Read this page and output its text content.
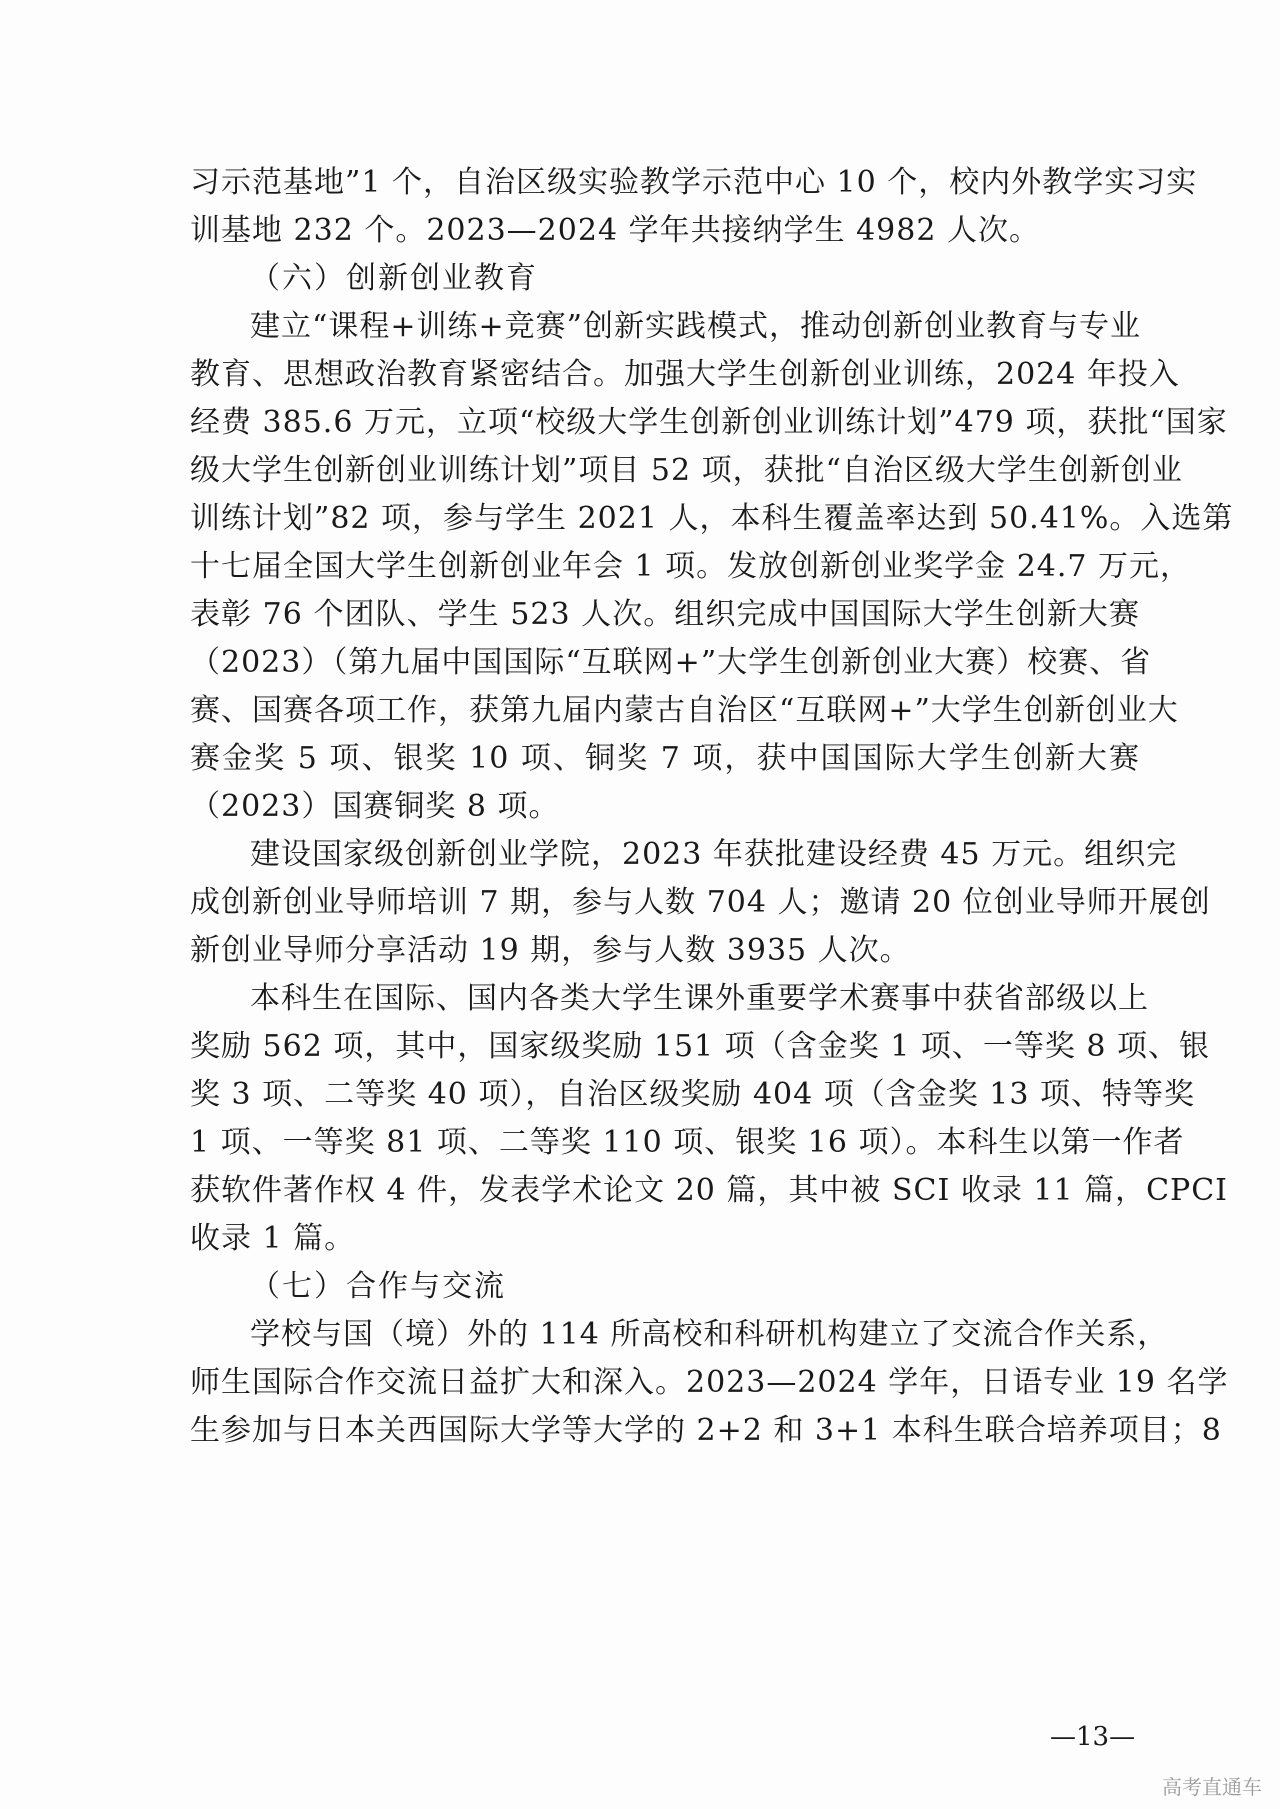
习示范基地”1 个，自治区级实验教学示范中心 10 个，校内外教学实习实
训基地 232 个。2023—2024 学年共接纳学生 4982 人次。
（六）创新创业教育
建立“课程+训练+竞赛”创新实践模式，推动创新创业教育与专业
教育、思想政治教育紧密结合。加强大学生创新创业训练，2024 年投入
经费 385.6 万元，立项“校级大学生创新创业训练计划”479 项，获批“国家
级大学生创新创业训练计划”项目 52 项，获批“自治区级大学生创新创业
训练计划”82 项，参与学生 2021 人，本科生覆盖率达到 50.41%。入选第
十七届全国大学生创新创业年会 1 项。发放创新创业奖学金 24.7 万元，
表彰 76 个团队、学生 523 人次。组织完成中国国际大学生创新大赛
（2023）（第九届中国国际“互联网+”大学生创新创业大赛）校赛、省
赛、国赛各项工作，获第九届内蒙古自治区“互联网+”大学生创新创业大
赛金奖 5 项、银奖 10 项、铜奖 7 项，获中国国际大学生创新大赛
（2023）国赛铜奖 8 项。
建设国家级创新创业学院，2023 年获批建设经费 45 万元。组织完
成创新创业导师培训 7 期，参与人数 704 人；邀请 20 位创业导师开展创
新创业导师分享活动 19 期，参与人数 3935 人次。
本科生在国际、国内各类大学生课外重要学术赛事中获省部级以上
奖励 562 项，其中，国家级奖励 151 项（含金奖 1 项、一等奖 8 项、银
奖 3 项、二等奖 40 项），自治区级奖励 404 项（含金奖 13 项、特等奖
1 项、一等奖 81 项、二等奖 110 项、银奖 16 项）。本科生以第一作者
获软件著作权 4 件，发表学术论文 20 篇，其中被 SCI 收录 11 篇，CPCI
收录 1 篇。
（七）合作与交流
学校与国（境）外的 114 所高校和科研机构建立了交流合作关系，
师生国际合作交流日益扩大和深入。2023—2024 学年，日语专业 19 名学
生参加与日本关西国际大学等大学的 2+2 和 3+1 本科生联合培养项目；8
—13—
高考直通车
